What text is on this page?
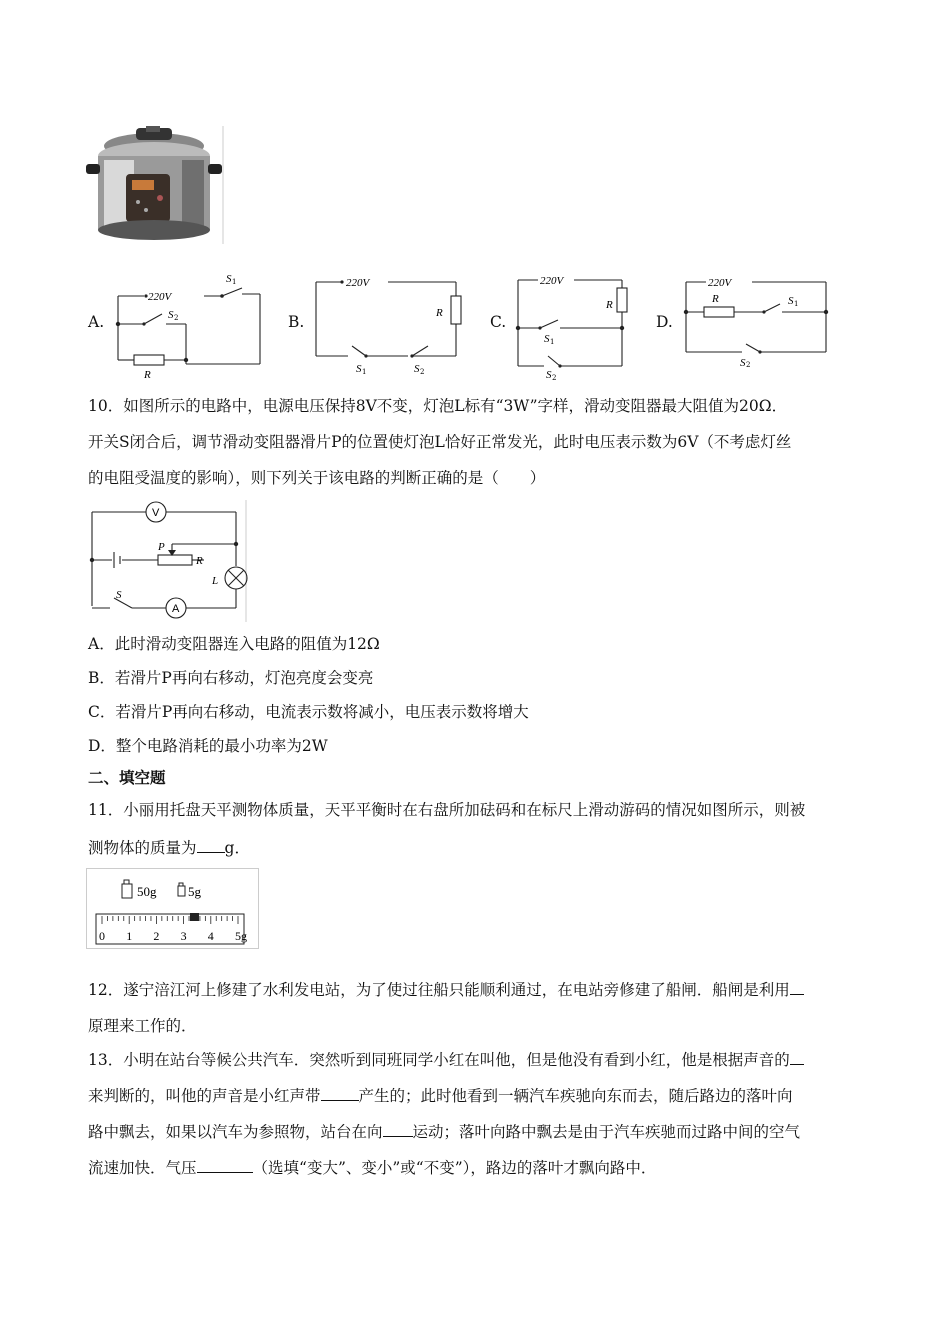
A.
220V
S 1
S 2
R
B.
220V
R
S 1	S 2
C.
220V
R
S 1
S 2
D.
220V
R	S 1
S 2
10．如图所示的电路中，电源电压保持8V不变，灯泡L标有“3W”字样，滑动变阻器最大阻值为20Ω．
开关S闭合后，调节滑动变阻器滑片P的位置使灯泡L恰好正常发光，此时电压表示数为6V（不考虑灯丝
的电阻受温度的影响），则下列关于该电路的判断正确的是（　　）
V
A
P
R
L
S
A．此时滑动变阻器连入电路的阻值为12Ω
B．若滑片P再向右移动，灯泡亮度会变亮
C．若滑片P再向右移动，电流表示数将减小，电压表示数将增大
D．整个电路消耗的最小功率为2W
二、填空题
11．小丽用托盘天平测物体质量，天平平衡时在右盘所加砝码和在标尺上滑动游码的情况如图所示，则被
测物体的质量为 g．
50g 5g
0 1 2 3 4 5g
12．遂宁涪江河上修建了水利发电站，为了使过往船只能顺利通过，在电站旁修建了船闸．船闸是利用
原理来工作的．
13．小明在站台等候公共汽车．突然听到同班同学小红在叫他，但是他没有看到小红，他是根据声音的
来判断的，叫他的声音是小红声带 产生的；此时他看到一辆汽车疾驰向东而去，随后路边的落叶向
路中飘去，如果以汽车为参照物，站台在向 运动；落叶向路中飘去是由于汽车疾驰而过路中间的空气
流速加快．气压	（选填“变大”、变小”或“不变”），路边的落叶才飘向路中．
